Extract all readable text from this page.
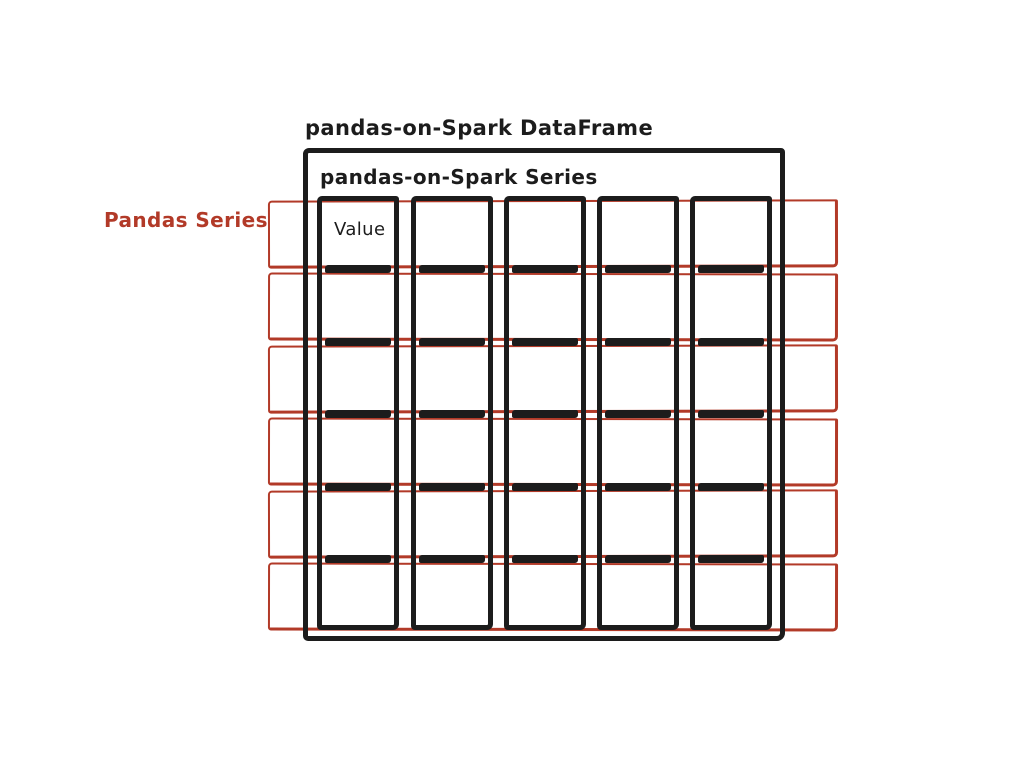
pandas-on-Spark DataFrame
pandas-on-Spark Series
Pandas Series	Value
